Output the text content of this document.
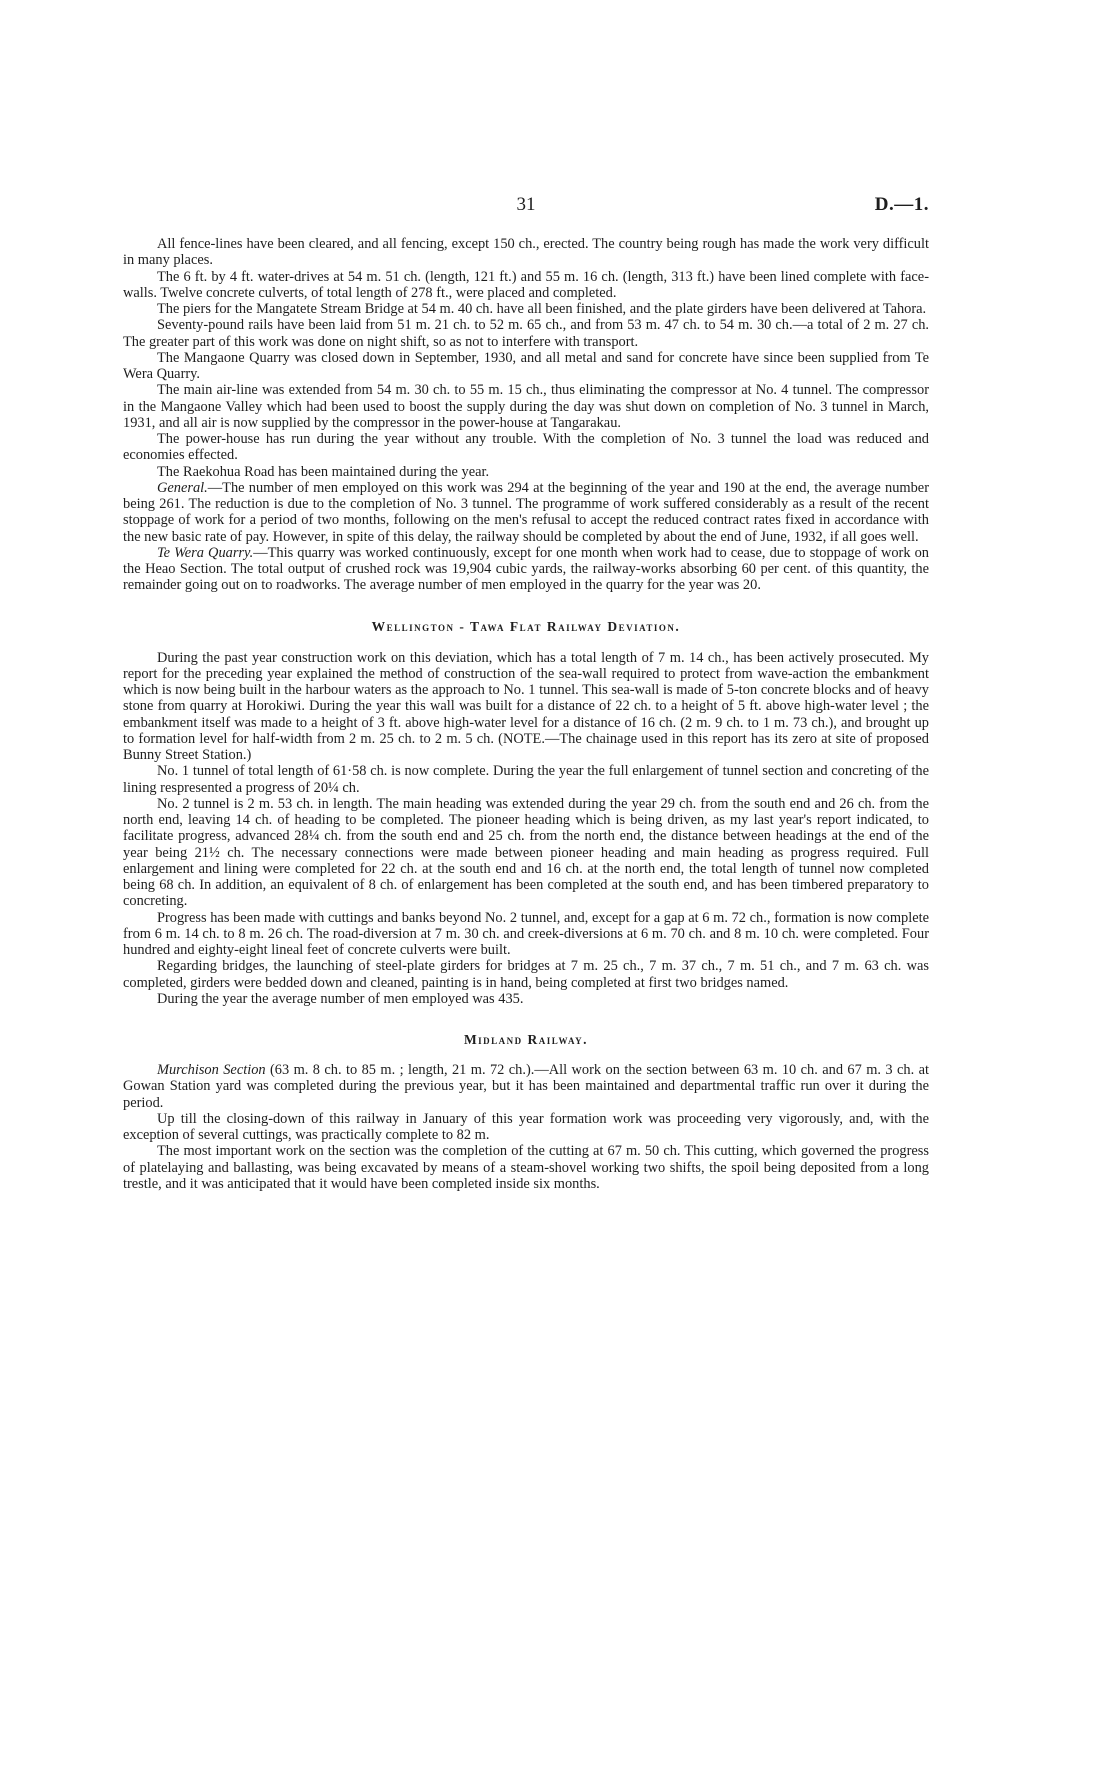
31	D.—1.

All fence-lines have been cleared, and all fencing, except 150 ch., erected. The country being rough has made the work very difficult in many places.

The 6 ft. by 4 ft. water-drives at 54 m. 51 ch. (length, 121 ft.) and 55 m. 16 ch. (length, 313 ft.) have been lined complete with face-walls. Twelve concrete culverts, of total length of 278 ft., were placed and completed.

The piers for the Mangatete Stream Bridge at 54 m. 40 ch. have all been finished, and the plate girders have been delivered at Tahora.

Seventy-pound rails have been laid from 51 m. 21 ch. to 52 m. 65 ch., and from 53 m. 47 ch. to 54 m. 30 ch.—a total of 2 m. 27 ch. The greater part of this work was done on night shift, so as not to interfere with transport.

The Mangaone Quarry was closed down in September, 1930, and all metal and sand for concrete have since been supplied from Te Wera Quarry.

The main air-line was extended from 54 m. 30 ch. to 55 m. 15 ch., thus eliminating the compressor at No. 4 tunnel. The compressor in the Mangaone Valley which had been used to boost the supply during the day was shut down on completion of No. 3 tunnel in March, 1931, and all air is now supplied by the compressor in the power-house at Tangarakau.

The power-house has run during the year without any trouble. With the completion of No. 3 tunnel the load was reduced and economies effected.

The Raekohua Road has been maintained during the year.

General.—The number of men employed on this work was 294 at the beginning of the year and 190 at the end, the average number being 261. The reduction is due to the completion of No. 3 tunnel. The programme of work suffered considerably as a result of the recent stoppage of work for a period of two months, following on the men's refusal to accept the reduced contract rates fixed in accordance with the new basic rate of pay. However, in spite of this delay, the railway should be completed by about the end of June, 1932, if all goes well.

Te Wera Quarry.—This quarry was worked continuously, except for one month when work had to cease, due to stoppage of work on the Heao Section. The total output of crushed rock was 19,904 cubic yards, the railway-works absorbing 60 per cent. of this quantity, the remainder going out on to roadworks. The average number of men employed in the quarry for the year was 20.

Wellington - Tawa Flat Railway Deviation.

During the past year construction work on this deviation, which has a total length of 7 m. 14 ch., has been actively prosecuted. My report for the preceding year explained the method of construction of the sea-wall required to protect from wave-action the embankment which is now being built in the harbour waters as the approach to No. 1 tunnel. This sea-wall is made of 5-ton concrete blocks and of heavy stone from quarry at Horokiwi. During the year this wall was built for a distance of 22 ch. to a height of 5 ft. above high-water level ; the embankment itself was made to a height of 3 ft. above high-water level for a distance of 16 ch. (2 m. 9 ch. to 1 m. 73 ch.), and brought up to formation level for half-width from 2 m. 25 ch. to 2 m. 5 ch. (NOTE.—The chainage used in this report has its zero at site of proposed Bunny Street Station.)

No. 1 tunnel of total length of 61·58 ch. is now complete. During the year the full enlargement of tunnel section and concreting of the lining respresented a progress of 20¼ ch.

No. 2 tunnel is 2 m. 53 ch. in length. The main heading was extended during the year 29 ch. from the south end and 26 ch. from the north end, leaving 14 ch. of heading to be completed. The pioneer heading which is being driven, as my last year's report indicated, to facilitate progress, advanced 28¼ ch. from the south end and 25 ch. from the north end, the distance between headings at the end of the year being 21½ ch. The necessary connections were made between pioneer heading and main heading as progress required. Full enlargement and lining were completed for 22 ch. at the south end and 16 ch. at the north end, the total length of tunnel now completed being 68 ch. In addition, an equivalent of 8 ch. of enlargement has been completed at the south end, and has been timbered preparatory to concreting.

Progress has been made with cuttings and banks beyond No. 2 tunnel, and, except for a gap at 6 m. 72 ch., formation is now complete from 6 m. 14 ch. to 8 m. 26 ch. The road-diversion at 7 m. 30 ch. and creek-diversions at 6 m. 70 ch. and 8 m. 10 ch. were completed. Four hundred and eighty-eight lineal feet of concrete culverts were built.

Regarding bridges, the launching of steel-plate girders for bridges at 7 m. 25 ch., 7 m. 37 ch., 7 m. 51 ch., and 7 m. 63 ch. was completed, girders were bedded down and cleaned, painting is in hand, being completed at first two bridges named.

During the year the average number of men employed was 435.

Midland Railway.

Murchison Section (63 m. 8 ch. to 85 m. ; length, 21 m. 72 ch.).—All work on the section between 63 m. 10 ch. and 67 m. 3 ch. at Gowan Station yard was completed during the previous year, but it has been maintained and departmental traffic run over it during the period.

Up till the closing-down of this railway in January of this year formation work was proceeding very vigorously, and, with the exception of several cuttings, was practically complete to 82 m.

The most important work on the section was the completion of the cutting at 67 m. 50 ch. This cutting, which governed the progress of platelaying and ballasting, was being excavated by means of a steam-shovel working two shifts, the spoil being deposited from a long trestle, and it was anticipated that it would have been completed inside six months.
